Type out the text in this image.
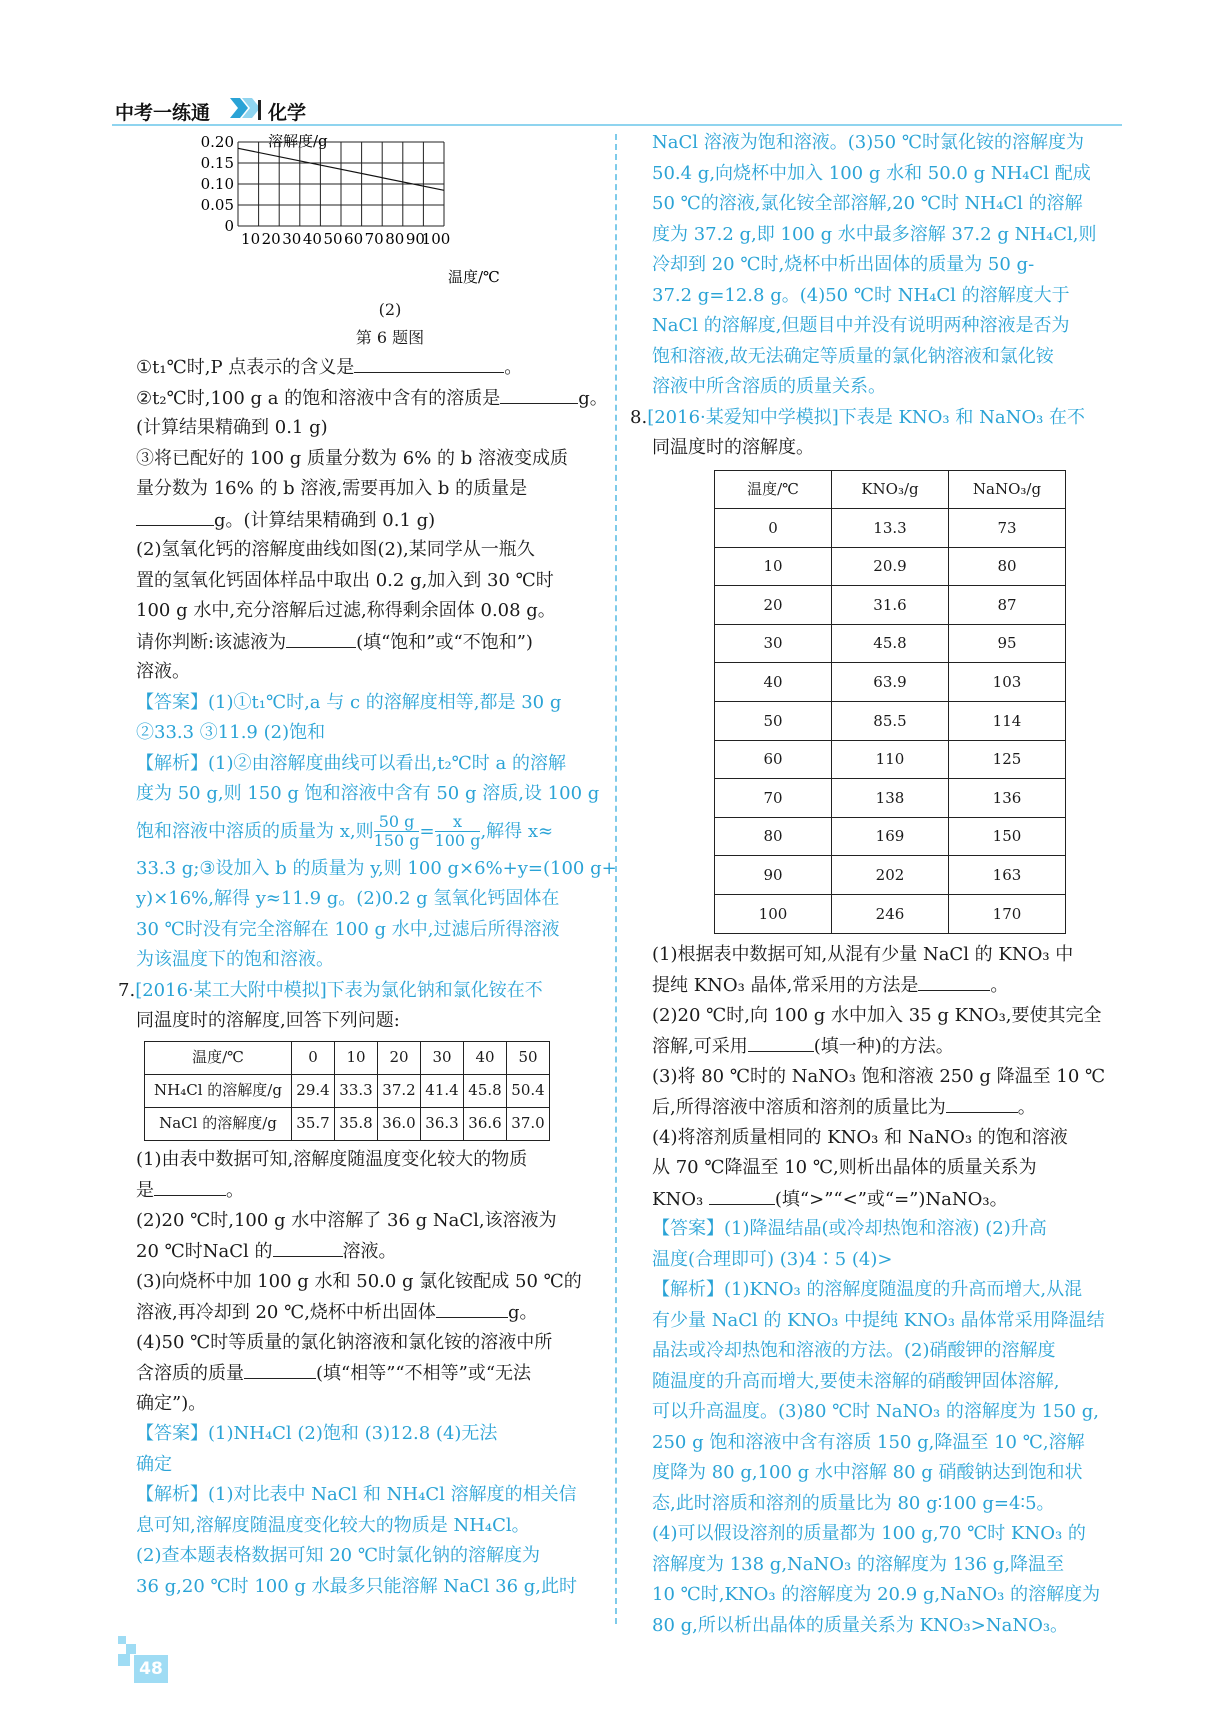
中考一练通	化学
溶解度/g
0.20
0.15
0.10
0.05
0
10 20 30 40 50 60 70 80 90
100
温度/℃
(2)
第 6 题图
①t₁℃时,P 点表示的含义是	。
②t₂℃时,100 g a 的饱和溶液中含有的溶质是	g。
(计算结果精确到 0.1 g)
③将已配好的 100 g 质量分数为 6% 的 b 溶液变成质
量分数为 16% 的 b 溶液,需要再加入 b 的质量是
g。(计算结果精确到 0.1 g)
(2)氢氧化钙的溶解度曲线如图(2),某同学从一瓶久
置的氢氧化钙固体样品中取出 0.2 g,加入到 30 ℃时
100 g 水中,充分溶解后过滤,称得剩余固体 0.08 g。
请你判断:该滤液为	(填“饱和”或“不饱和”)
溶液。
【答案】(1)①t₁℃时,a 与 c 的溶解度相等,都是 30 g
②33.3 ③11.9 (2)饱和
【解析】(1)②由溶解度曲线可以看出,t₂℃时 a 的溶解
度为 50 g,则 150 g 饱和溶液中含有 50 g 溶质,设 100 g
饱和溶液中溶质的质量为 x,则 $\frac{50 g}{150 g} = \frac{x}{100 g}$ ,解得 x≈
33.3 g;③设加入 b 的质量为 y,则 100 g×6%+y=(100 g+
y)×16%,解得 y≈11.9 g。(2)0.2 g 氢氧化钙固体在
30 ℃时没有完全溶解在 100 g 水中,过滤后所得溶液
为该温度下的饱和溶液。
7.[2016·某工大附中模拟]下表为氯化钠和氯化铵在不
同温度时的溶解度,回答下列问题:
温度/℃	0	10	20	30	40	50
NH₄Cl 的溶解度/g	29.4	33.3	37.2	41.4	45.8	50.4
NaCl 的溶解度/g	35.7	35.8	36.0	36.3	36.6	37.0
(1)由表中数据可知,溶解度随温度变化较大的物质
是	。
(2)20 ℃时,100 g 水中溶解了 36 g NaCl,该溶液为
20 ℃时NaCl 的	溶液。
(3)向烧杯中加 100 g 水和 50.0 g 氯化铵配成 50 ℃的
溶液,再冷却到 20 ℃,烧杯中析出固体	g。
(4)50 ℃时等质量的氯化钠溶液和氯化铵的溶液中所
含溶质的质量	(填“相等”“不相等”或“无法
确定”)。
【答案】(1)NH₄Cl (2)饱和 (3)12.8 (4)无法
确定
【解析】(1)对比表中 NaCl 和 NH₄Cl 溶解度的相关信
息可知,溶解度随温度变化较大的物质是 NH₄Cl。
(2)查本题表格数据可知 20 ℃时氯化钠的溶解度为
36 g,20 ℃时 100 g 水最多只能溶解 NaCl 36 g,此时
NaCl 溶液为饱和溶液。(3)50 ℃时氯化铵的溶解度为
50.4 g,向烧杯中加入 100 g 水和 50.0 g NH₄Cl 配成
50 ℃的溶液,氯化铵全部溶解,20 ℃时 NH₄Cl 的溶解
度为 37.2 g,即 100 g 水中最多溶解 37.2 g NH₄Cl,则
冷却到 20 ℃时,烧杯中析出固体的质量为 50 g-
37.2 g=12.8 g。(4)50 ℃时 NH₄Cl 的溶解度大于
NaCl 的溶解度,但题目中并没有说明两种溶液是否为
饱和溶液,故无法确定等质量的氯化钠溶液和氯化铵
溶液中所含溶质的质量关系。
8.[2016·某爱知中学模拟]下表是 KNO₃ 和 NaNO₃ 在不
同温度时的溶解度。
温度/℃	KNO₃/g	NaNO₃/g
0	13.3	73
10	20.9	80
20	31.6	87
30	45.8	95
40	63.9	103
50	85.5	114
60	110	125
70	138	136
80	169	150
90	202	163
100	246	170
(1)根据表中数据可知,从混有少量 NaCl 的 KNO₃ 中
提纯 KNO₃ 晶体,常采用的方法是	。
(2)20 ℃时,向 100 g 水中加入 35 g KNO₃,要使其完全
溶解,可采用	(填一种)的方法。
(3)将 80 ℃时的 NaNO₃ 饱和溶液 250 g 降温至 10 ℃
后,所得溶液中溶质和溶剂的质量比为	。
(4)将溶剂质量相同的 KNO₃ 和 NaNO₃ 的饱和溶液
从 70 ℃降温至 10 ℃,则析出晶体的质量关系为
KNO₃	(填“>”“<”或“=”)NaNO₃。
【答案】(1)降温结晶(或冷却热饱和溶液) (2)升高
温度(合理即可) (3)4∶5 (4)>
【解析】(1)KNO₃ 的溶解度随温度的升高而增大,从混
有少量 NaCl 的 KNO₃ 中提纯 KNO₃ 晶体常采用降温结
晶法或冷却热饱和溶液的方法。(2)硝酸钾的溶解度
随温度的升高而增大,要使未溶解的硝酸钾固体溶解,
可以升高温度。(3)80 ℃时 NaNO₃ 的溶解度为 150 g,
250 g 饱和溶液中含有溶质 150 g,降温至 10 ℃,溶解
度降为 80 g,100 g 水中溶解 80 g 硝酸钠达到饱和状
态,此时溶质和溶剂的质量比为 80 g∶100 g=4∶5。
(4)可以假设溶剂的质量都为 100 g,70 ℃时 KNO₃ 的
溶解度为 138 g,NaNO₃ 的溶解度为 136 g,降温至
10 ℃时,KNO₃ 的溶解度为 20.9 g,NaNO₃ 的溶解度为
80 g,所以析出晶体的质量关系为 KNO₃>NaNO₃。
48
